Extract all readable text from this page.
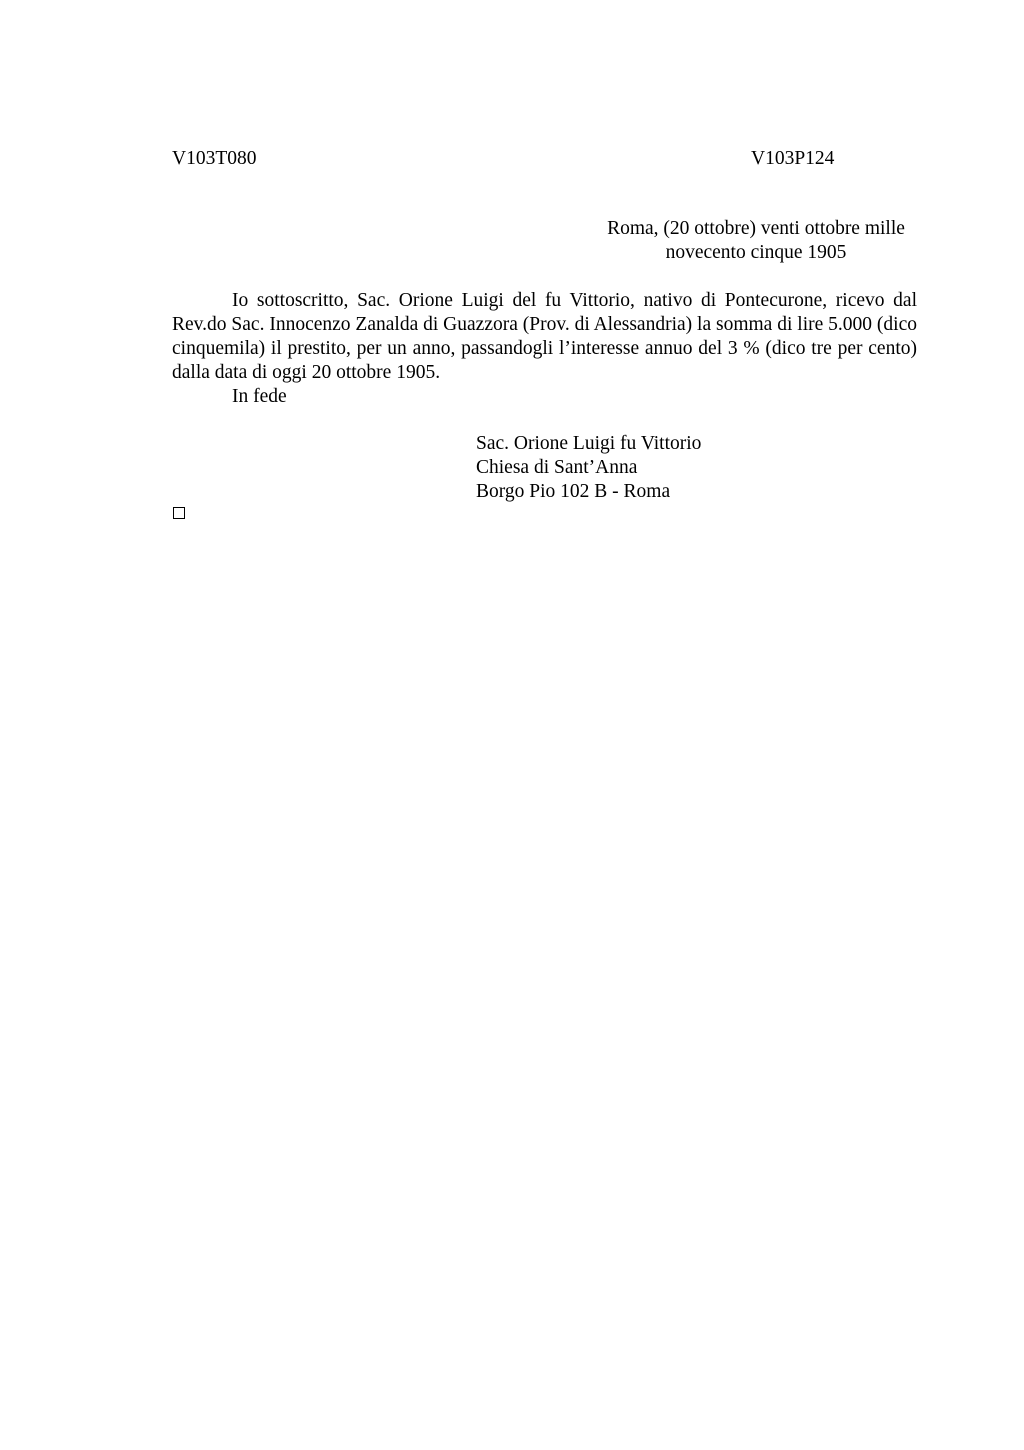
V103T080	V103P124
Roma, (20 ottobre) venti ottobre mille
novecento cinque 1905
Io sottoscritto, Sac. Orione Luigi del fu Vittorio, nativo di Pontecurone, ricevo dal Rev.do Sac. Innocenzo Zanalda di Guazzora (Prov. di Alessandria) la somma di lire 5.000 (dico cinquemila) il prestito, per un anno, passandogli l’interesse annuo del 3 % (dico tre per cento) dalla data di oggi 20 ottobre 1905.
In fede
Sac. Orione Luigi fu Vittorio
Chiesa di Sant’Anna
Borgo Pio 102 B - Roma
